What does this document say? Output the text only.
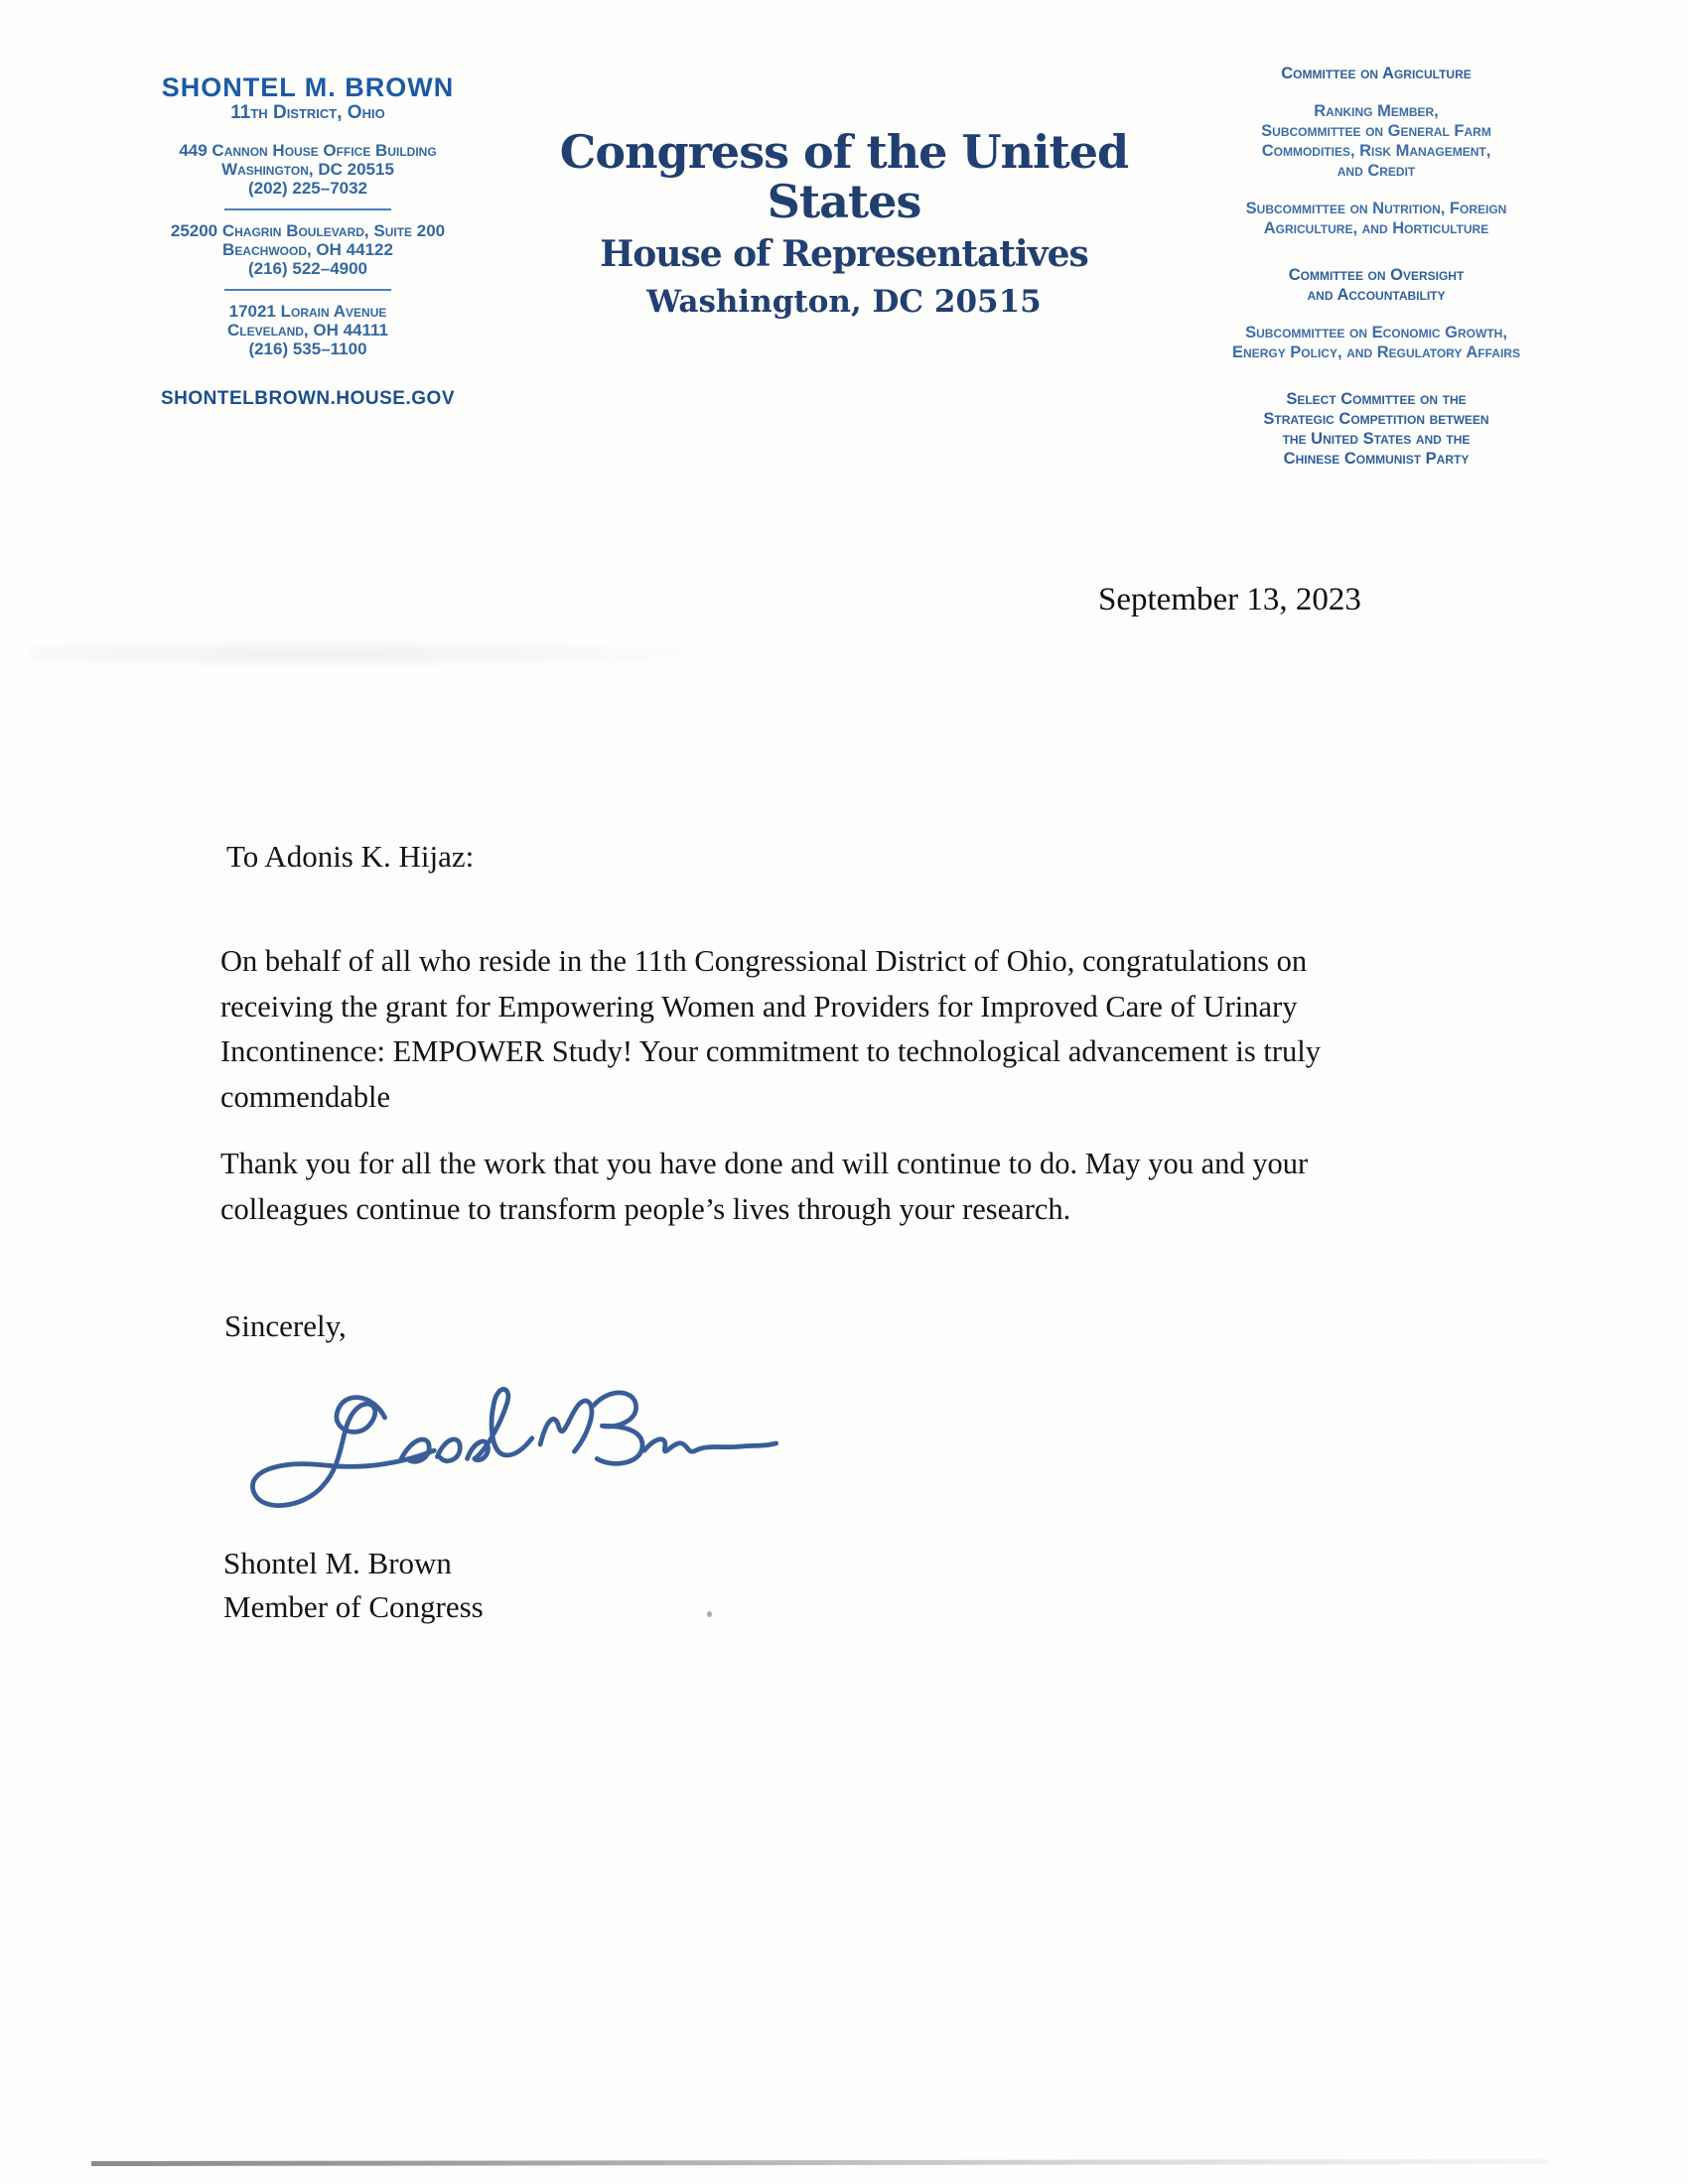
SHONTEL M. BROWN
11th District, Ohio
449 Cannon House Office Building
Washington, DC 20515
(202) 225–7032
25200 Chagrin Boulevard, Suite 200
Beachwood, OH 44122
(216) 522–4900
17021 Lorain Avenue
Cleveland, OH 44111
(216) 535–1100
SHONTELBROWN.HOUSE.GOV
Congress of the United States
House of Representatives
Washington, DC 20515
Committee on Agriculture
Ranking Member,
Subcommittee on General Farm
Commodities, Risk Management,
and Credit
Subcommittee on Nutrition, Foreign
Agriculture, and Horticulture
Committee on Oversight
and Accountability
Subcommittee on Economic Growth,
Energy Policy, and Regulatory Affairs
Select Committee on the
Strategic Competition between
the United States and the
Chinese Communist Party
September 13, 2023
To Adonis K. Hijaz:
On behalf of all who reside in the 11th Congressional District of Ohio, congratulations on
receiving the grant for Empowering Women and Providers for Improved Care of Urinary
Incontinence: EMPOWER Study! Your commitment to technological advancement is truly
commendable
Thank you for all the work that you have done and will continue to do. May you and your
colleagues continue to transform people’s lives through your research.
Sincerely,
Shontel M. Brown
Member of Congress
